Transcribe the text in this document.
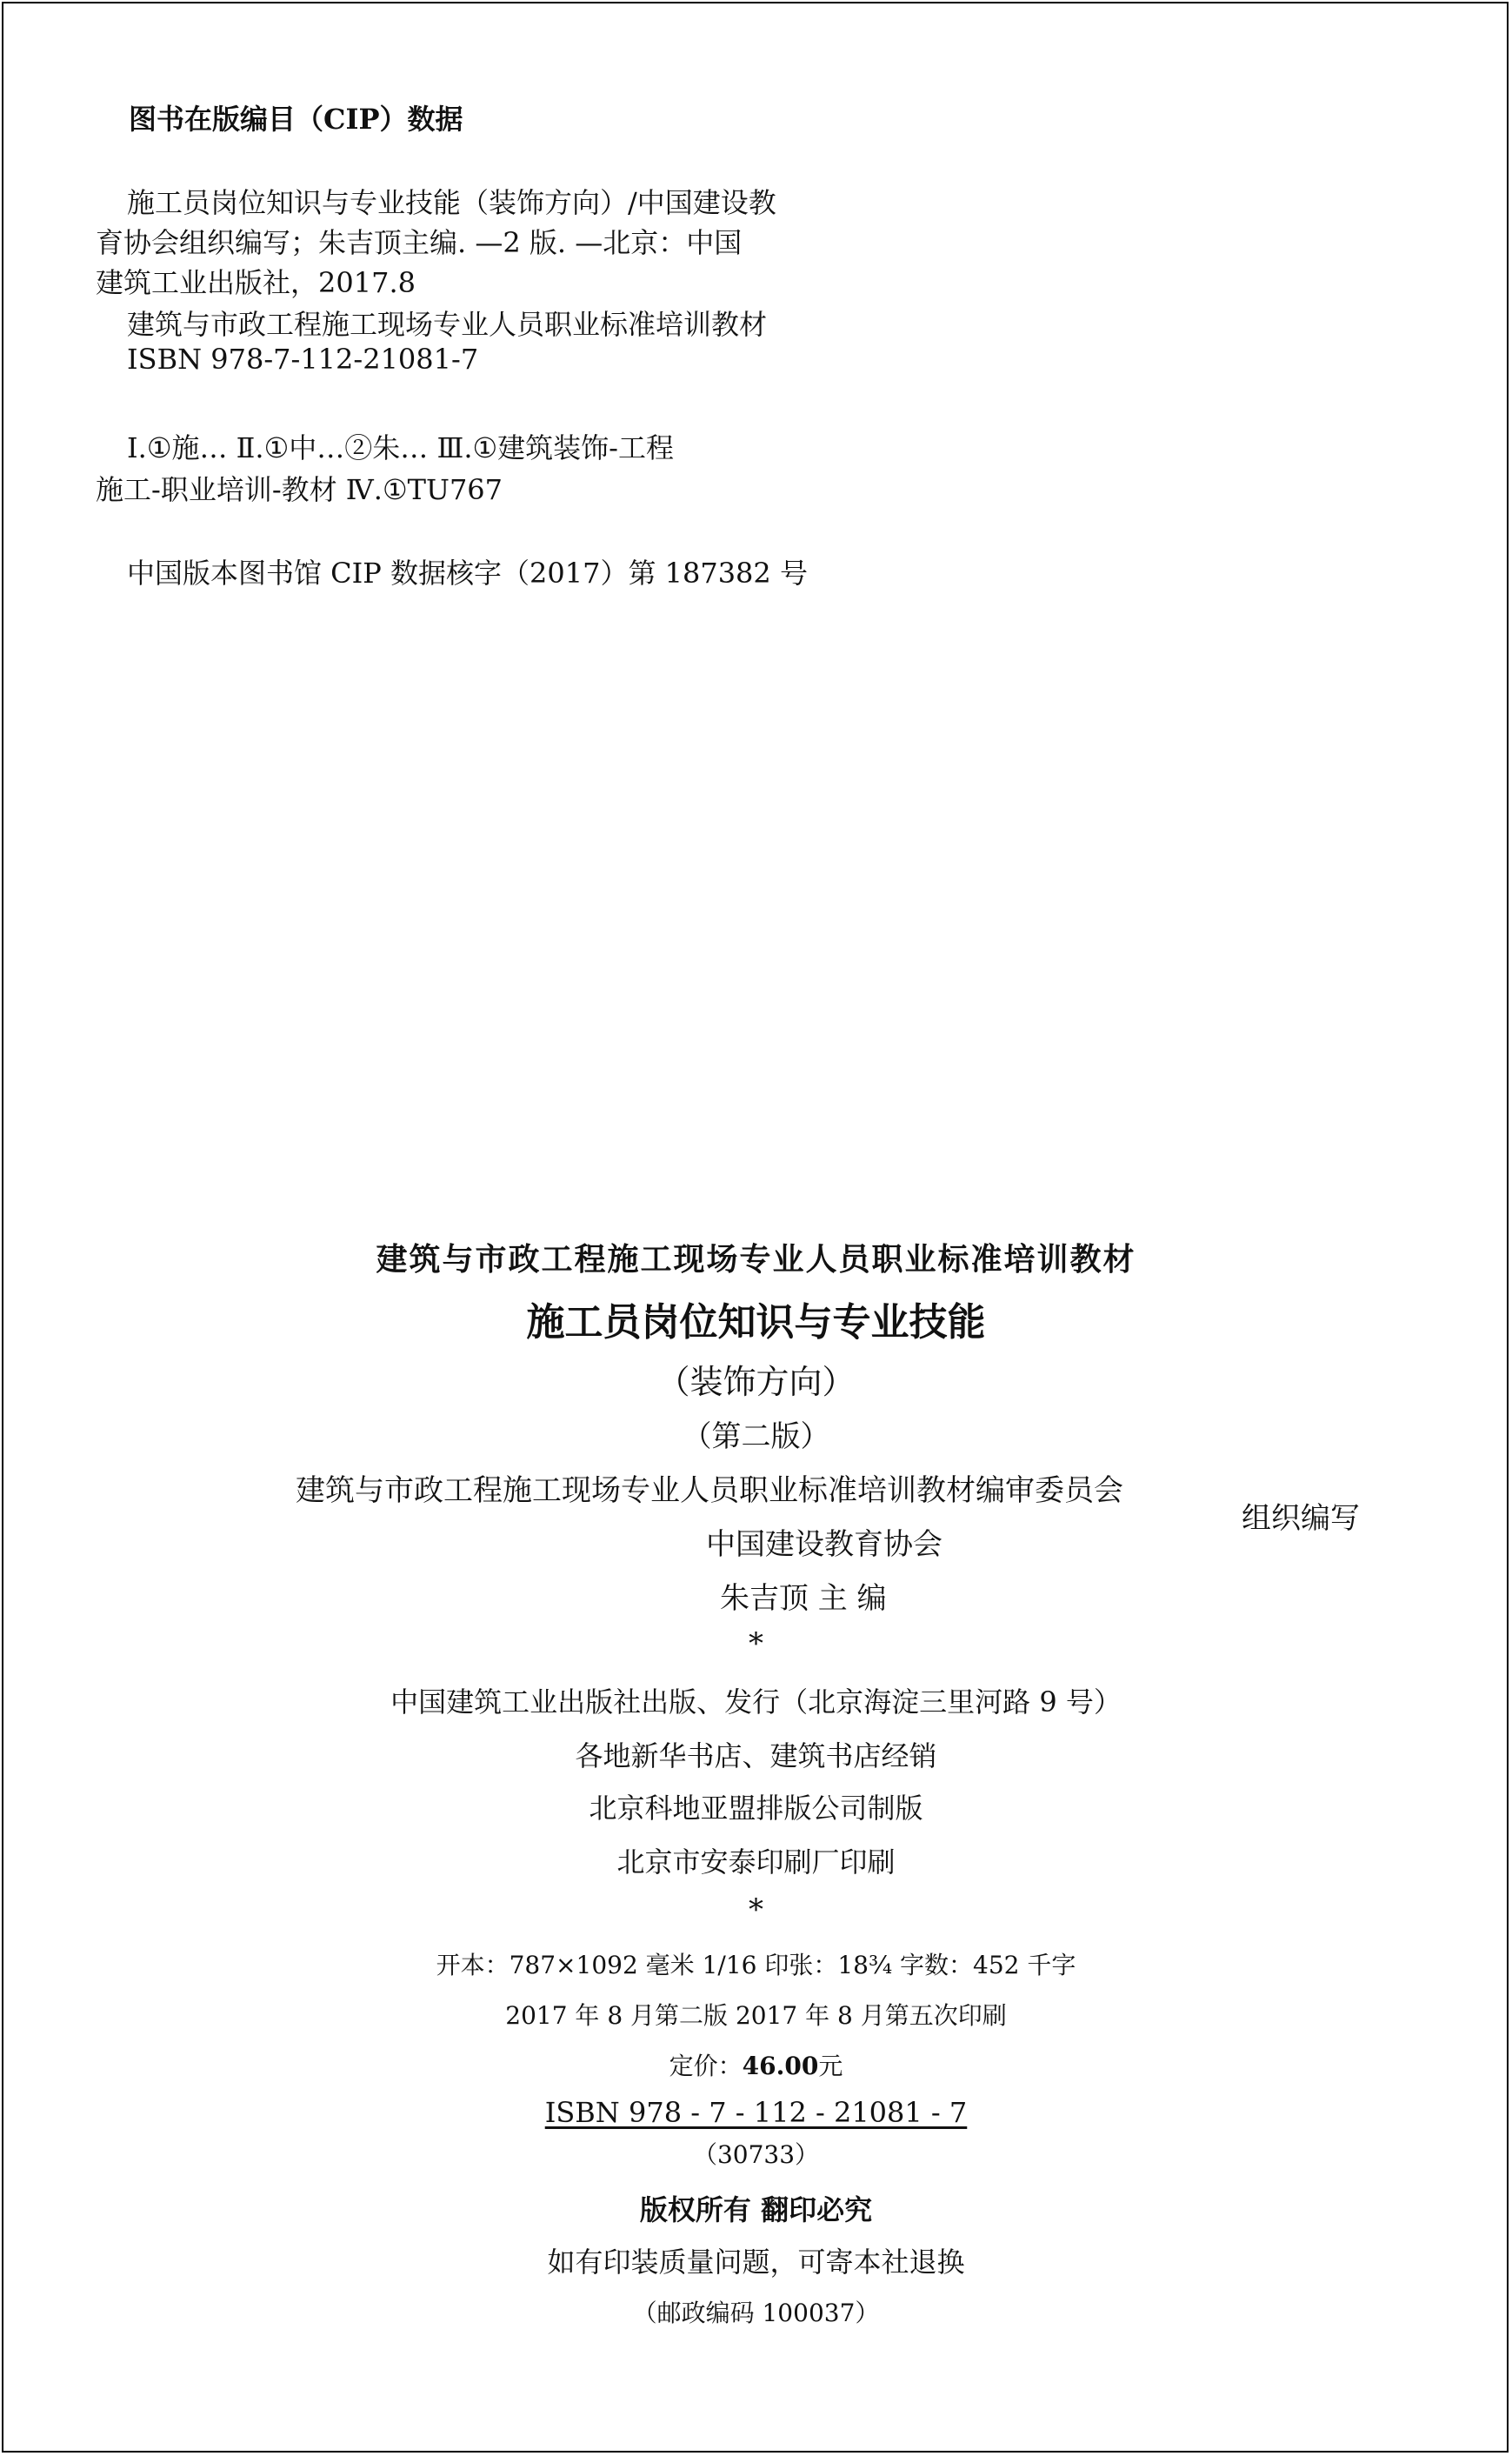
图书在版编目（CIP）数据
施工员岗位知识与专业技能（装饰方向）/中国建设教
育协会组织编写；朱吉顶主编. —2 版. —北京：中国
建筑工业出版社，2017.8
建筑与市政工程施工现场专业人员职业标准培训教材
ISBN 978-7-112-21081-7
Ⅰ.①施… Ⅱ.①中…②朱… Ⅲ.①建筑装饰-工程
施工-职业培训-教材 Ⅳ.①TU767
中国版本图书馆 CIP 数据核字（2017）第 187382 号
建筑与市政工程施工现场专业人员职业标准培训教材
施工员岗位知识与专业技能
（装饰方向）
（第二版）
建筑与市政工程施工现场专业人员职业标准培训教材编审委员会
组织编写
中国建设教育协会
朱吉顶 主 编
*
中国建筑工业出版社出版、发行（北京海淀三里河路 9 号）
各地新华书店、建筑书店经销
北京科地亚盟排版公司制版
北京市安泰印刷厂印刷
*
开本：787×1092 毫米 1/16 印张：18¾ 字数：452 千字
2017 年 8 月第二版 2017 年 8 月第五次印刷
定价：46.00元
ISBN 978 - 7 - 112 - 21081 - 7
（30733）
版权所有 翻印必究
如有印装质量问题，可寄本社退换
（邮政编码 100037）
